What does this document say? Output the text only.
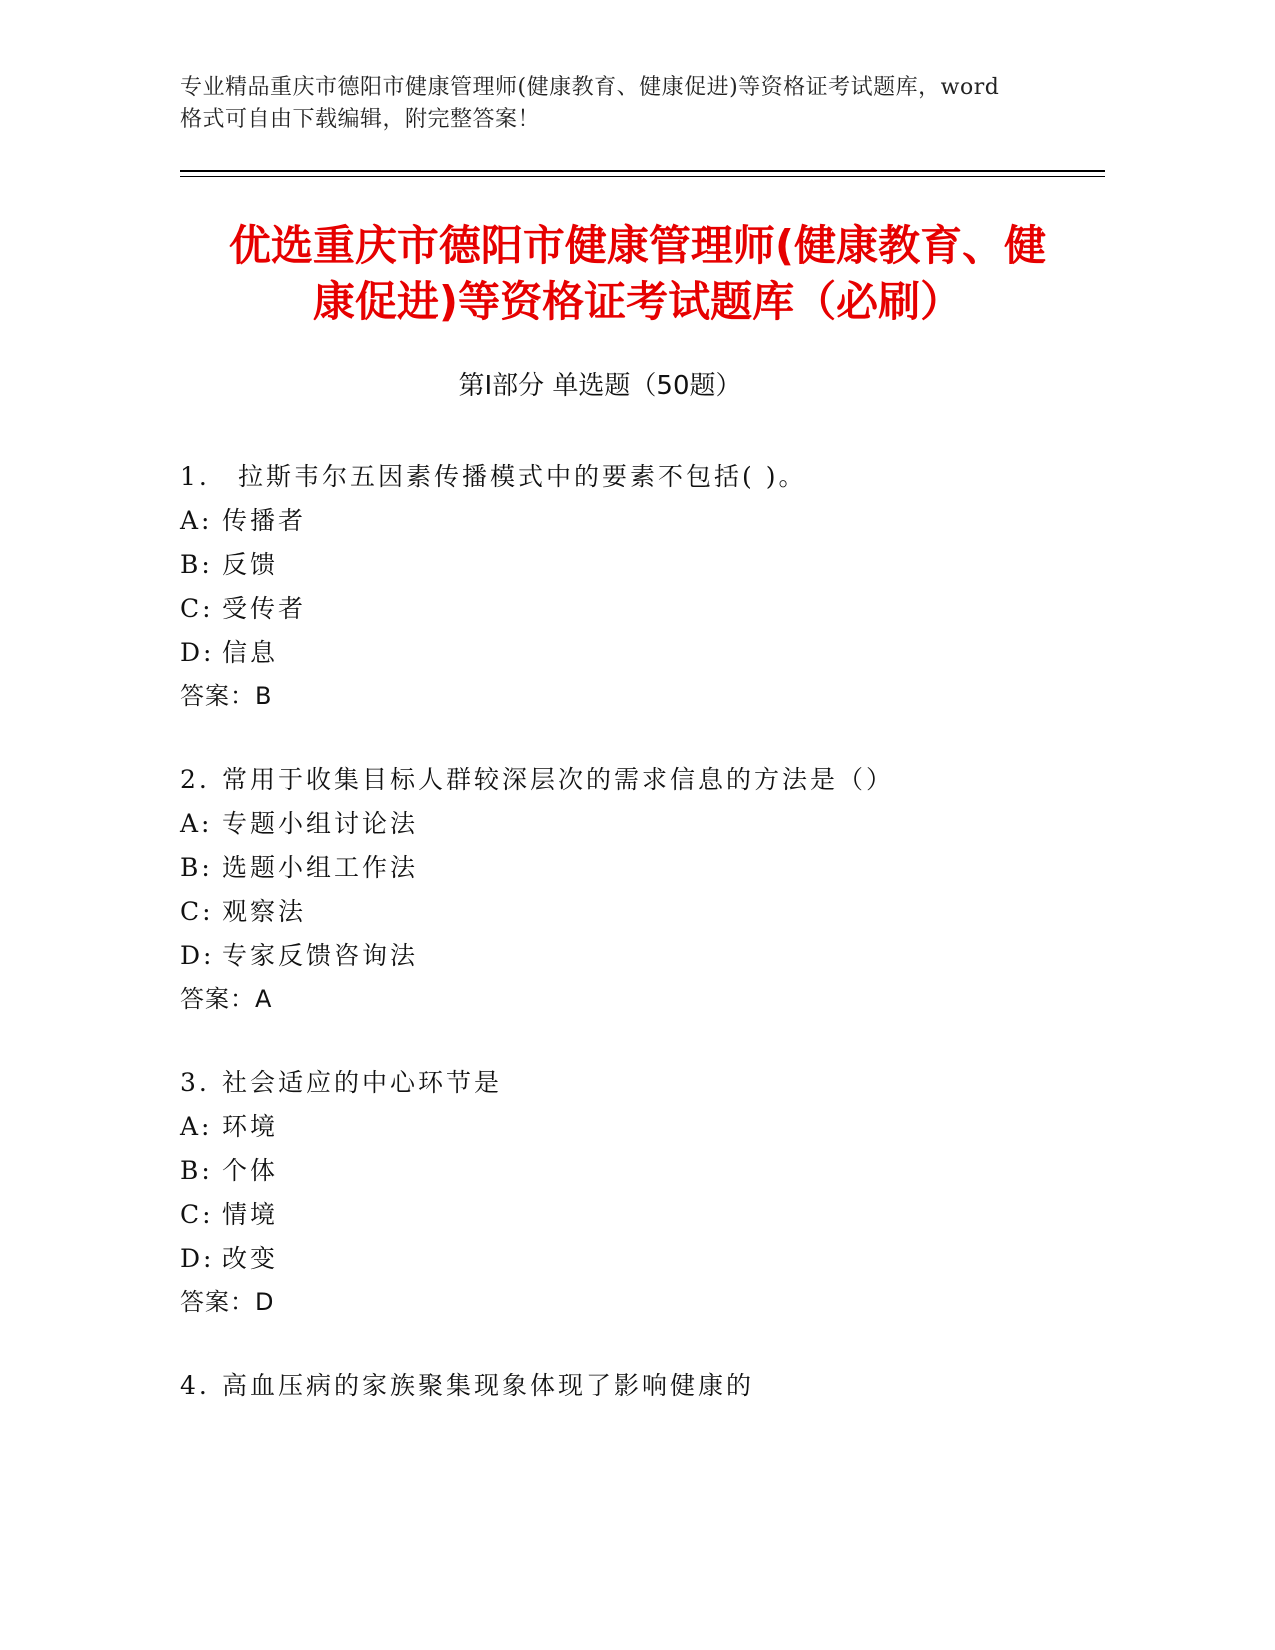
专业精品重庆市德阳市健康管理师(健康教育、健康促进)等资格证考试题库，word
格式可自由下载编辑，附完整答案！
优选重庆市德阳市健康管理师(健康教育、健
康促进)等资格证考试题库（必刷）
第Ⅰ部分 单选题（50题）
1. 拉斯韦尔五因素传播模式中的要素不包括( )。
A: 传播者
B: 反馈
C: 受传者
D: 信息
答案：B
2. 常用于收集目标人群较深层次的需求信息的方法是（）
A: 专题小组讨论法
B: 选题小组工作法
C: 观察法
D: 专家反馈咨询法
答案：A
3. 社会适应的中心环节是
A: 环境
B: 个体
C: 情境
D: 改变
答案：D
4. 高血压病的家族聚集现象体现了影响健康的
